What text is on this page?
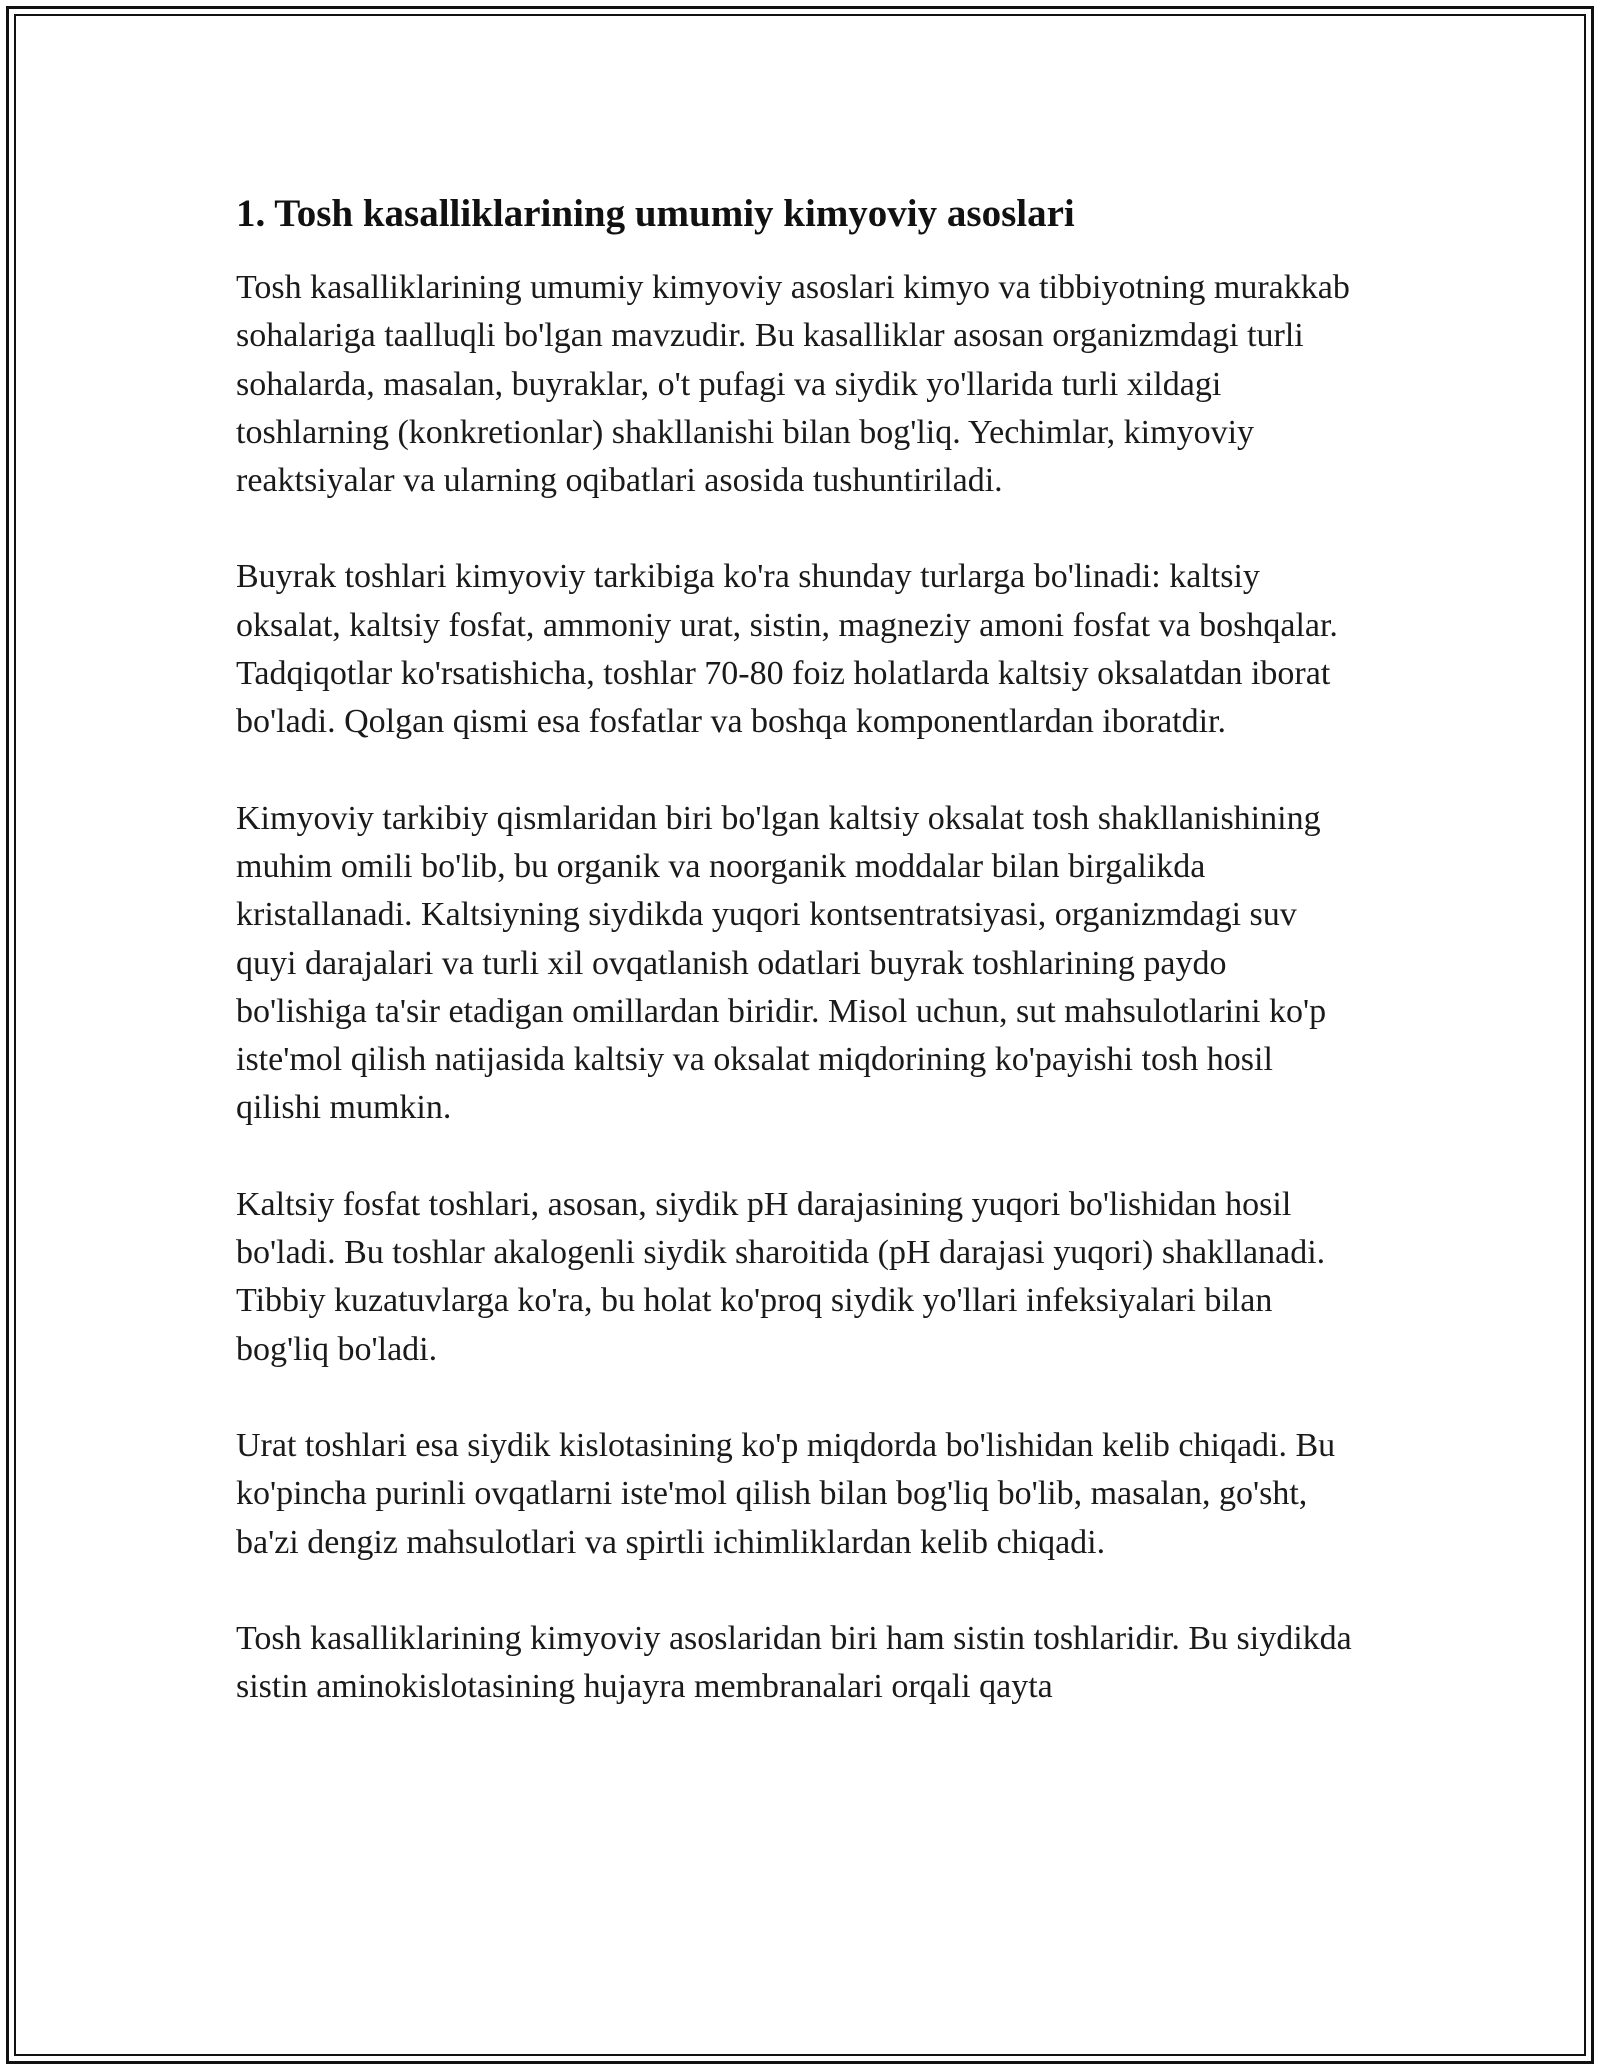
1. Tosh kasalliklarining umumiy kimyoviy asoslari

Tosh kasalliklarining umumiy kimyoviy asoslari kimyo va tibbiyotning murakkab sohalariga taalluqli bo'lgan mavzudir. Bu kasalliklar asosan organizmdagi turli sohalarda, masalan, buyraklar, o't pufagi va siydik yo'llarida turli xildagi toshlarning (konkretionlar) shakllanishi bilan bog'liq. Yechimlar, kimyoviy reaktsiyalar va ularning oqibatlari asosida tushuntiriladi.

Buyrak toshlari kimyoviy tarkibiga ko'ra shunday turlarga bo'linadi: kaltsiy oksalat, kaltsiy fosfat, ammoniy urat, sistin, magneziy amoni fosfat va boshqalar. Tadqiqotlar ko'rsatishicha, toshlar 70-80 foiz holatlarda kaltsiy oksalatdan iborat bo'ladi. Qolgan qismi esa fosfatlar va boshqa komponentlardan iboratdir.

Kimyoviy tarkibiy qismlaridan biri bo'lgan kaltsiy oksalat tosh shakllanishining muhim omili bo'lib, bu organik va noorganik moddalar bilan birgalikda kristallanadi. Kaltsiyning siydikda yuqori kontsentratsiyasi, organizmdagi suv quyi darajalari va turli xil ovqatlanish odatlari buyrak toshlarining paydo bo'lishiga ta'sir etadigan omillardan biridir. Misol uchun, sut mahsulotlarini ko'p iste'mol qilish natijasida kaltsiy va oksalat miqdorining ko'payishi tosh hosil qilishi mumkin.

Kaltsiy fosfat toshlari, asosan, siydik pH darajasining yuqori bo'lishidan hosil bo'ladi. Bu toshlar akalogenli siydik sharoitida (pH darajasi yuqori) shakllanadi. Tibbiy kuzatuvlarga ko'ra, bu holat ko'proq siydik yo'llari infeksiyalari bilan bog'liq bo'ladi.

Urat toshlari esa siydik kislotasining ko'p miqdorda bo'lishidan kelib chiqadi. Bu ko'pincha purinli ovqatlarni iste'mol qilish bilan bog'liq bo'lib, masalan, go'sht, ba'zi dengiz mahsulotlari va spirtli ichimliklardan kelib chiqadi.

Tosh kasalliklarining kimyoviy asoslaridan biri ham sistin toshlaridir. Bu siydikda sistin aminokislotasining hujayra membranalari orqali qayta
